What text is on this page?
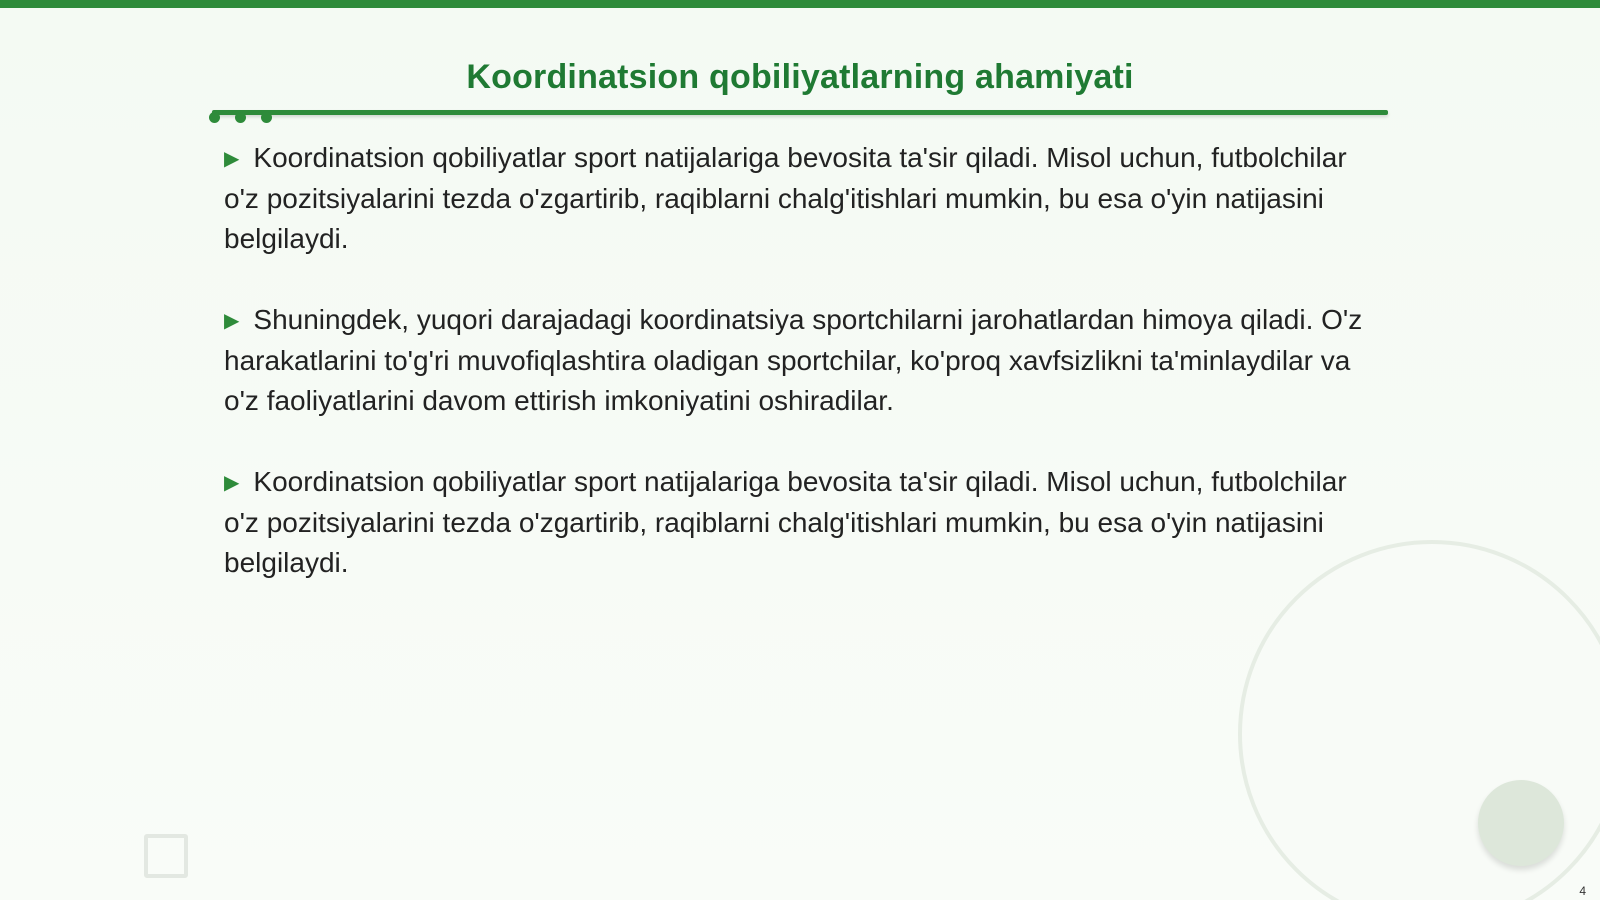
Koordinatsion qobiliyatlarning ahamiyati

▶ Koordinatsion qobiliyatlar sport natijalariga bevosita ta'sir qiladi. Misol uchun, futbolchilar o'z pozitsiyalarini tezda o'zgartirib, raqiblarni chalg'itishlari mumkin, bu esa o'yin natijasini belgilaydi.

▶ Shuningdek, yuqori darajadagi koordinatsiya sportchilarni jarohatlardan himoya qiladi. O'z harakatlarini to'g'ri muvofiqlashtira oladigan sportchilar, ko'proq xavfsizlikni ta'minlaydilar va o'z faoliyatlarini davom ettirish imkoniyatini oshiradilar.

▶ Koordinatsion qobiliyatlar sport natijalariga bevosita ta'sir qiladi. Misol uchun, futbolchilar o'z pozitsiyalarini tezda o'zgartirib, raqiblarni chalg'itishlari mumkin, bu esa o'yin natijasini belgilaydi.

4
